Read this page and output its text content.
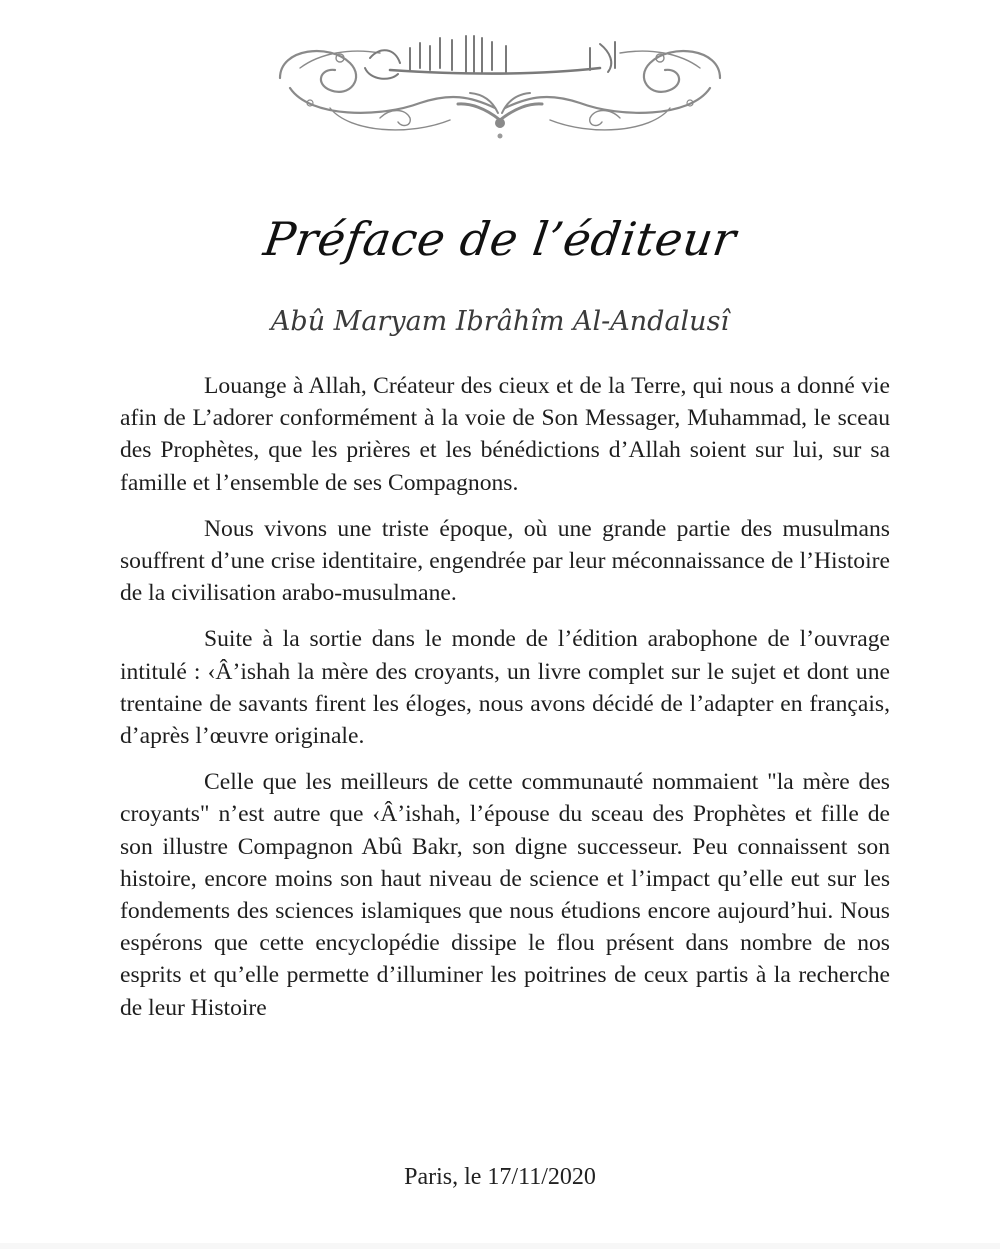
Préface de l’éditeur
Abû Maryam Ibrâhîm Al-Andalusî

Louange à Allah, Créateur des cieux et de la Terre, qui nous a donné vie afin de L’adorer conformément à la voie de Son Messager, Muhammad, le sceau des Prophètes, que les prières et les bénédictions d’Allah soient sur lui, sur sa famille et l’ensemble de ses Compagnons.

Nous vivons une triste époque, où une grande partie des musulmans souffrent d’une crise identitaire, engendrée par leur méconnaissance de l’Histoire de la civilisation arabo-musulmane.

Suite à la sortie dans le monde de l’édition arabophone de l’ouvrage intitulé : ‹Â’ishah la mère des croyants, un livre complet sur le sujet et dont une trentaine de savants firent les éloges, nous avons décidé de l’adapter en français, d’après l’œuvre originale.

Celle que les meilleurs de cette communauté nommaient "la mère des croyants" n’est autre que ‹Â’ishah, l’épouse du sceau des Prophètes et fille de son illustre Compagnon Abû Bakr, son digne successeur. Peu connaissent son histoire, encore moins son haut niveau de science et l’impact qu’elle eut sur les fondements des sciences islamiques que nous étudions encore aujourd’hui. Nous espérons que cette encyclopédie dissipe le flou présent dans nombre de nos esprits et qu’elle permette d’illuminer les poitrines de ceux partis à la recherche de leur Histoire

Paris, le 17/11/2020
